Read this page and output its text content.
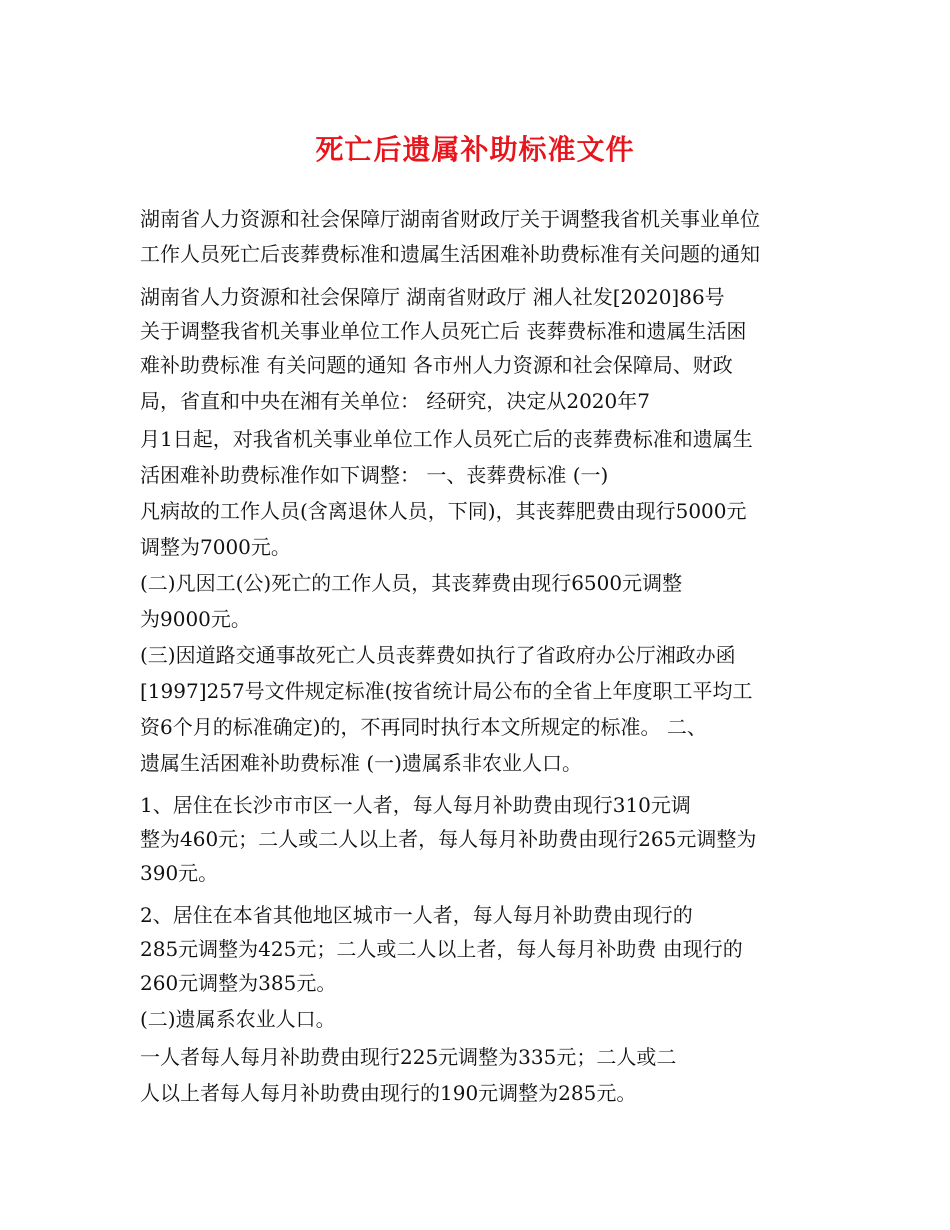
死亡后遗属补助标准文件
湖南省人力资源和社会保障厅湖南省财政厅关于调整我省机关事业单位
工作人员死亡后丧葬费标准和遗属生活困难补助费标准有关问题的通知
湖南省人力资源和社会保障厅 湖南省财政厅 湘人社发[2020]86号
关于调整我省机关事业单位工作人员死亡后 丧葬费标准和遗属生活困
难补助费标准 有关问题的通知 各市州人力资源和社会保障局、财政
局，省直和中央在湘有关单位： 经研究，决定从2020年7
月1日起，对我省机关事业单位工作人员死亡后的丧葬费标准和遗属生
活困难补助费标准作如下调整： 一、丧葬费标准 (一)
凡病故的工作人员(含离退休人员，下同)，其丧葬肥费由现行5000元
调整为7000元。
(二)凡因工(公)死亡的工作人员，其丧葬费由现行6500元调整
为9000元。
(三)因道路交通事故死亡人员丧葬费如执行了省政府办公厅湘政办函
[1997]257号文件规定标准(按省统计局公布的全省上年度职工平均工
资6个月的标准确定)的，不再同时执行本文所规定的标准。 二、
遗属生活困难补助费标准 (一)遗属系非农业人口。
1、居住在长沙市市区一人者，每人每月补助费由现行310元调
整为460元；二人或二人以上者，每人每月补助费由现行265元调整为
390元。
2、居住在本省其他地区城市一人者，每人每月补助费由现行的
285元调整为425元；二人或二人以上者，每人每月补助费 由现行的
260元调整为385元。
(二)遗属系农业人口。
一人者每人每月补助费由现行225元调整为335元；二人或二
人以上者每人每月补助费由现行的190元调整为285元。
